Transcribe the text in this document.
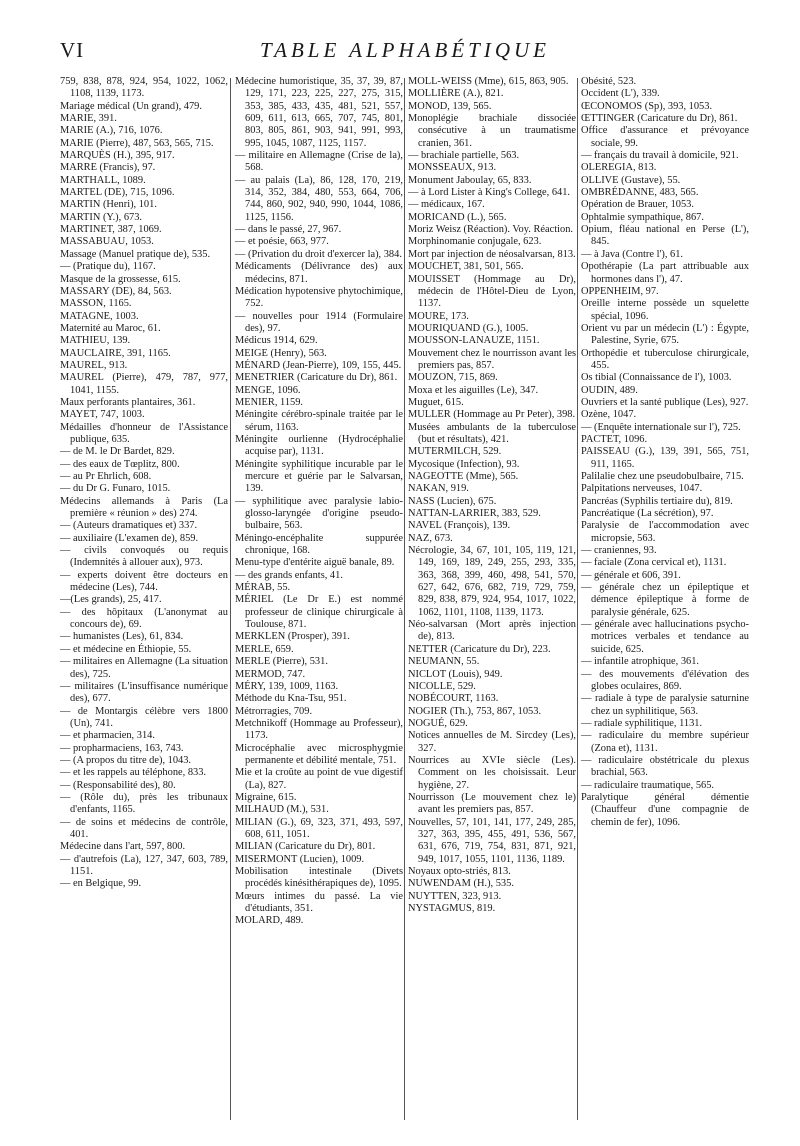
VI	TABLE ALPHABÉTIQUE

759, 838, 878, 924, 954, 1022, 1062, 1108, 1139, 1173.

Mariage médical (Un grand), 479.

MARIE, 391.

MARIE (A.), 716, 1076.

MARIE (Pierre), 487, 563, 565, 715.

MARQUÈS (H.), 395, 917.

MARRE (Francis), 97.

MARTHALL, 1089.

MARTEL (DE), 715, 1096.

MARTIN (Henri), 101.

MARTIN (Y.), 673.

MARTINET, 387, 1069.

MASSABUAU, 1053.

Massage (Manuel pratique de), 535.

— (Pratique du), 1167.

Masque de la grossesse, 615.

MASSARY (DE), 84, 563.

MASSON, 1165.

MATAGNE, 1003.

Maternité au Maroc, 61.

MATHIEU, 139.

MAUCLAIRE, 391, 1165.

MAUREL, 913.

MAUREL (Pierre), 479, 787, 977, 1041, 1155.

Maux perforants plantaires, 361.

MAYET, 747, 1003.

Médailles d'honneur de l'Assistance publique, 635.

— de M. le Dr Bardet, 829.

— des eaux de Tœplitz, 800.

— au Pr Ehrlich, 608.

— du Dr G. Funaro, 1015.

Médecins allemands à Paris (La première « réunion » des) 274.

— (Auteurs dramatiques et) 337.

— auxiliaire (L'examen de), 859.

— civils convoqués ou requis (Indemnités à allouer aux), 973.

— experts doivent être docteurs en médecine (Les), 744.

—(Les grands), 25, 417.

— des hôpitaux (L'anonymat au concours de), 69.

— humanistes (Les), 61, 834.

— et médecine en Éthiopie, 55.

— militaires en Allemagne (La situation des), 725.

— militaires (L'insuffisance numérique des), 677.

— de Montargis célèbre vers 1800 (Un), 741.

— et pharmacien, 314.

— propharmaciens, 163, 743.

— (A propos du titre de), 1043.

— et les rappels au téléphone, 833.

— (Responsabilité des), 80.

— (Rôle du), près les tribunaux d'enfants, 1165.

— de soins et médecins de contrôle, 401.

Médecine dans l'art, 597, 800.

— d'autrefois (La), 127, 347, 603, 789, 1151.

— en Belgique, 99.

Médecine humoristique, 35, 37, 39, 87, 129, 171, 223, 225, 227, 275, 315, 353, 385, 433, 435, 481, 521, 557, 609, 611, 613, 665, 707, 745, 801, 803, 805, 861, 903, 941, 991, 993, 995, 1045, 1087, 1125, 1157.

— militaire en Allemagne (Crise de la), 568.

— au palais (La), 86, 128, 170, 219, 314, 352, 384, 480, 553, 664, 706, 744, 860, 902, 940, 990, 1044, 1086, 1125, 1156.

— dans le passé, 27, 967.

— et poésie, 663, 977.

— (Privation du droit d'exercer la), 384.

Médicaments (Délivrance des) aux médecins, 871.

Médication hypotensive phytochimique, 752.

— nouvelles pour 1914 (Formulaire des), 97.

Médicus 1914, 629.

MEIGE (Henry), 563.

MÉNARD (Jean-Pierre), 109, 155, 445.

MENETRIER (Caricature du Dr), 861.

MENGE, 1096.

MENIER, 1159.

Méningite cérébro-spinale traitée par le sérum, 1163.

Méningite ourlienne (Hydrocéphalie acquise par), 1131.

Méningite syphilitique incurable par le mercure et guérie par le Salvarsan, 139.

— syphilitique avec paralysie labio-glosso-laryngée d'origine pseudo-bulbaire, 563.

Méningo-encéphalite suppurée chronique, 168.

Menu-type d'entérite aiguë banale, 89.

— des grands enfants, 41.

MÉRAB, 55.

MÉRIEL (Le Dr E.) est nommé professeur de clinique chirurgicale à Toulouse, 871.

MERKLEN (Prosper), 391.

MERLE, 659.

MERLE (Pierre), 531.

MERMOD, 747.

MÉRY, 139, 1009, 1163.

Méthode du Kna-Tsu, 951.

Métrorragies, 709.

Metchnikoff (Hommage au Professeur), 1173.

Microcéphalie avec microsphygmie permanente et débilité mentale, 751.

Mie et la croûte au point de vue digestif (La), 827.

Migraine, 615.

MILHAUD (M.), 531.

MILIAN (G.), 69, 323, 371, 493, 597, 608, 611, 1051.

MILIAN (Caricature du Dr), 801.

MISERMONT (Lucien), 1009.

Mobilisation intestinale (Divets procédés kinésithérapiques de), 1095.

Mœurs intimes du passé. La vie d'étudiants, 351.

MOLARD, 489.

MOLL-WEISS (Mme), 615, 863, 905.

MOLLIÈRE (A.), 821.

MONOD, 139, 565.

Monoplégie brachiale dissociée consécutive à un traumatisme cranien, 361.

— brachiale partielle, 563.

MONSSEAUX, 913.

Monument Jaboulay, 65, 833.

— à Lord Lister à King's College, 641.

— médicaux, 167.

MORICAND (L.), 565.

Moriz Weisz (Réaction). Voy. Réaction.

Morphinomaniе conjugale, 623.

Mort par injection de néosalvarsan, 813.

MOUCHET, 381, 501, 565.

MOUISSET (Hommage au Dr), médecin de l'Hôtel-Dieu de Lyon, 1137.

MOURE, 173.

MOURIQUAND (G.), 1005.

MOUSSON-LANAUZE, 1151.

Mouvement chez le nourrisson avant les premiers pas, 857.

MOUZON, 715, 869.

Moxa et les aiguilles (Le), 347.

Muguet, 615.

MULLER (Hommage au Pr Peter), 398.

Musées ambulants de la tuberculose (but et résultats), 421.

MUTERMILCH, 529.

Mycosique (Infection), 93.

NAGEOTTE (Mme), 565.

NAKAN, 919.

NASS (Lucien), 675.

NATTAN-LARRIER, 383, 529.

NAVEL (François), 139.

NAZ, 673.

Nécrologie, 34, 67, 101, 105, 119, 121, 149, 169, 189, 249, 255, 293, 335, 363, 368, 399, 460, 498, 541, 570, 627, 642, 676, 682, 719, 729, 759, 829, 838, 879, 924, 954, 1017, 1022, 1062, 1101, 1108, 1139, 1173.

Néo-salvarsan (Mort après injection de), 813.

NETTER (Caricature du Dr), 223.

NEUMANN, 55.

NICLOT (Louis), 949.

NICOLLE, 529.

NOBÉCOURT, 1163.

NOGIER (Th.), 753, 867, 1053.

NOGUÉ, 629.

Notices annuelles de M. Sircdey (Les), 327.

Nourrices au XVIe siècle (Les). Comment on les choisissait. Leur hygiène, 27.

Nourrisson (Le mouvement chez le) avant les premiers pas, 857.

Nouvelles, 57, 101, 141, 177, 249, 285, 327, 363, 395, 455, 491, 536, 567, 631, 676, 719, 754, 831, 871, 921, 949, 1017, 1055, 1101, 1136, 1189.

Noyaux opto-striés, 813.

NUWENDAM (H.), 535.

NUYTTEN, 323, 913.

NYSTAGMUS, 819.

Obésité, 523.

Occident (L'), 339.

ŒCONOMOS (Sp), 393, 1053.

ŒTTINGER (Caricature du Dr), 861.

Office d'assurance et prévoyance sociale, 99.

— français du travail à domicile, 921.

OLEREGIA, 813.

OLLIVE (Gustave), 55.

OMBRÉDANNE, 483, 565.

Opération de Brauer, 1053.

Ophtalmie sympathique, 867.

Opium, fléau national en Perse (L'), 845.

— à Java (Contre l'), 61.

Opothérapie (La part attribuable aux hormones dans l'), 47.

OPPENHEIM, 97.

Oreille interne possède un squelette spécial, 1096.

Orient vu par un médecin (L') : Égypte, Palestine, Syrie, 675.

Orthopédie et tuberculose chirurgicale, 455.

Os tibial (Connaissance de l'), 1003.

OUDIN, 489.

Ouvriers et la santé publique (Les), 927.

Ozène, 1047.

— (Enquête internationale sur l'), 725.

PACTET, 1096.

PAISSEAU (G.), 139, 391, 565, 751, 911, 1165.

Palilalie chez une pseudobulbaire, 715.

Palpitations nerveuses, 1047.

Pancréas (Syphilis tertiaire du), 819.

Pancréatique (La sécrétion), 97.

Paralysie de l'accommodation avec micropsie, 563.

— craniennes, 93.

— faciale (Zona cervical et), 1131.

— générale et 606, 391.

— générale chez un épileptique et démence épileptique à forme de paralysie générale, 625.

— générale avec hallucinations psycho-motrices verbales et tendance au suicide, 625.

— infantile atrophique, 361.

— des mouvements d'élévation des globes oculaires, 869.

— radiale à type de paralysie saturnine chez un syphilitique, 563.

— radiale syphilitique, 1131.

— radiculaire du membre supérieur (Zona et), 1131.

— radiculaire obstétricale du plexus brachial, 563.

— radiculaire traumatique, 565.

Paralytique général démentie (Chauffeur d'une compagnie de chemin de fer), 1096.
